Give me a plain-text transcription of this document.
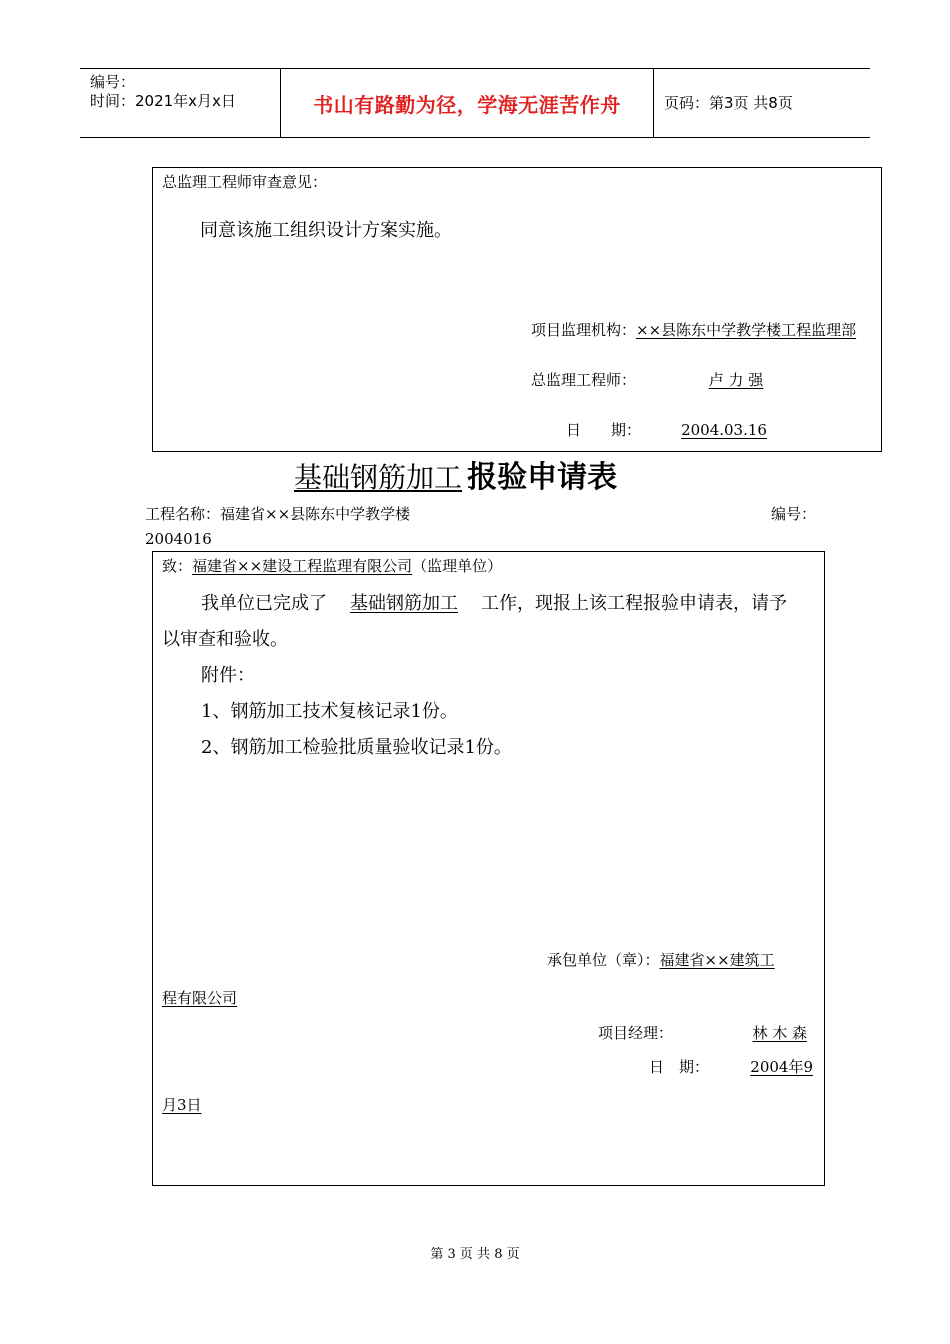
编号：
时间：2021年x月x日	书山有路勤为径，学海无涯苦作舟	页码：第3页 共8页
总监理工程师审查意见：
同意该施工组织设计方案实施。
项目监理机构：××县陈东中学教学楼工程监理部
总监理工程师：	卢 力 强
日　　期：	2004.03.16
基础钢筋加工 报验申请表
工程名称：福建省××县陈东中学教学楼	编号：
2004016
致：福建省××建设工程监理有限公司（监理单位）
我单位已完成了 基础钢筋加工 工作，现报上该工程报验申请表，请予
以审查和验收。
附件：
1、钢筋加工技术复核记录1份。
2、钢筋加工检验批质量验收记录1份。
承包单位（章）：福建省××建筑工
程有限公司
项目经理：	林 木 森
日　期：	2004年9
月3日
第 3 页 共 8 页
